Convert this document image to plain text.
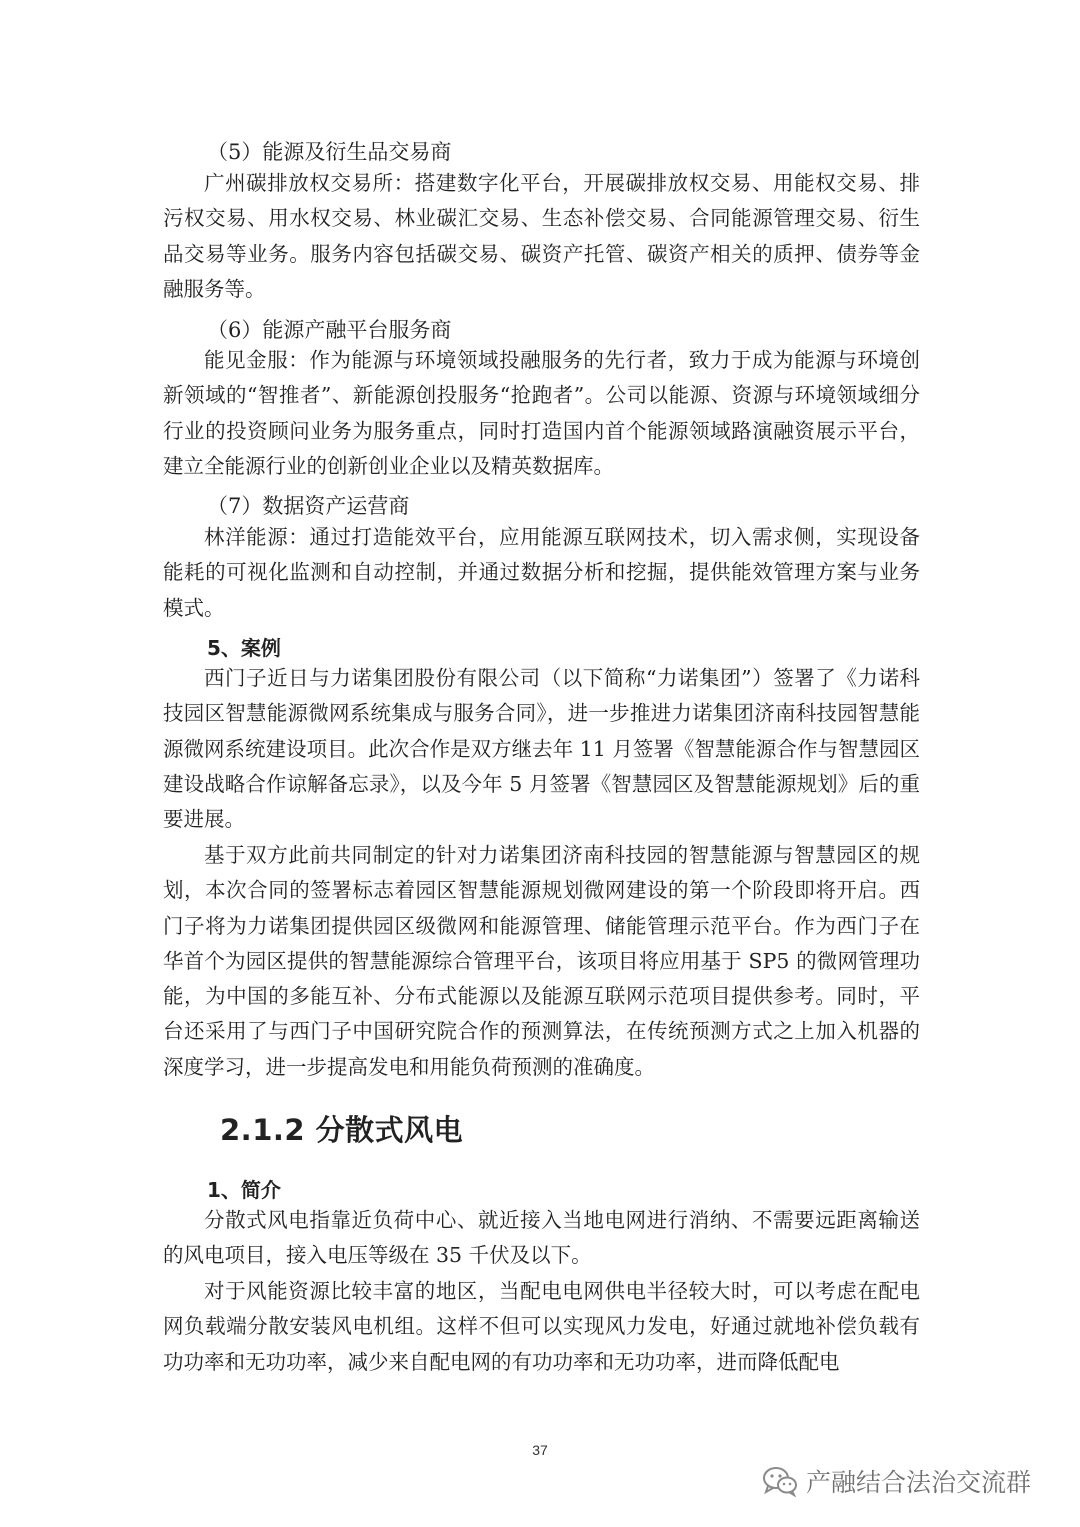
（5）能源及衍生品交易商

广州碳排放权交易所：搭建数字化平台，开展碳排放权交易、用能权交易、排污权交易、用水权交易、林业碳汇交易、生态补偿交易、合同能源管理交易、衍生品交易等业务。服务内容包括碳交易、碳资产托管、碳资产相关的质押、债券等金融服务等。

（6）能源产融平台服务商

能见金服：作为能源与环境领域投融服务的先行者，致力于成为能源与环境创新领域的“智推者”、新能源创投服务“抢跑者”。公司以能源、资源与环境领域细分行业的投资顾问业务为服务重点，同时打造国内首个能源领域路演融资展示平台，建立全能源行业的创新创业企业以及精英数据库。

（7）数据资产运营商

林洋能源：通过打造能效平台，应用能源互联网技术，切入需求侧，实现设备能耗的可视化监测和自动控制，并通过数据分析和挖掘，提供能效管理方案与业务模式。

5、案例

西门子近日与力诺集团股份有限公司（以下简称“力诺集团”）签署了《力诺科技园区智慧能源微网系统集成与服务合同》，进一步推进力诺集团济南科技园智慧能源微网系统建设项目。此次合作是双方继去年 11 月签署《智慧能源合作与智慧园区建设战略合作谅解备忘录》，以及今年 5 月签署《智慧园区及智慧能源规划》后的重要进展。

基于双方此前共同制定的针对力诺集团济南科技园的智慧能源与智慧园区的规划，本次合同的签署标志着园区智慧能源规划微网建设的第一个阶段即将开启。西门子将为力诺集团提供园区级微网和能源管理、储能管理示范平台。作为西门子在华首个为园区提供的智慧能源综合管理平台，该项目将应用基于 SP5 的微网管理功能，为中国的多能互补、分布式能源以及能源互联网示范项目提供参考。同时，平台还采用了与西门子中国研究院合作的预测算法，在传统预测方式之上加入机器的深度学习，进一步提高发电和用能负荷预测的准确度。

2.1.2 分散式风电
1、简介

分散式风电指靠近负荷中心、就近接入当地电网进行消纳、不需要远距离输送的风电项目，接入电压等级在 35 千伏及以下。

对于风能资源比较丰富的地区，当配电电网供电半径较大时，可以考虑在配电网负载端分散安装风电机组。这样不但可以实现风力发电，好通过就地补偿负载有功功率和无功功率，减少来自配电网的有功功率和无功功率，进而降低配电

37
产融结合法治交流群
